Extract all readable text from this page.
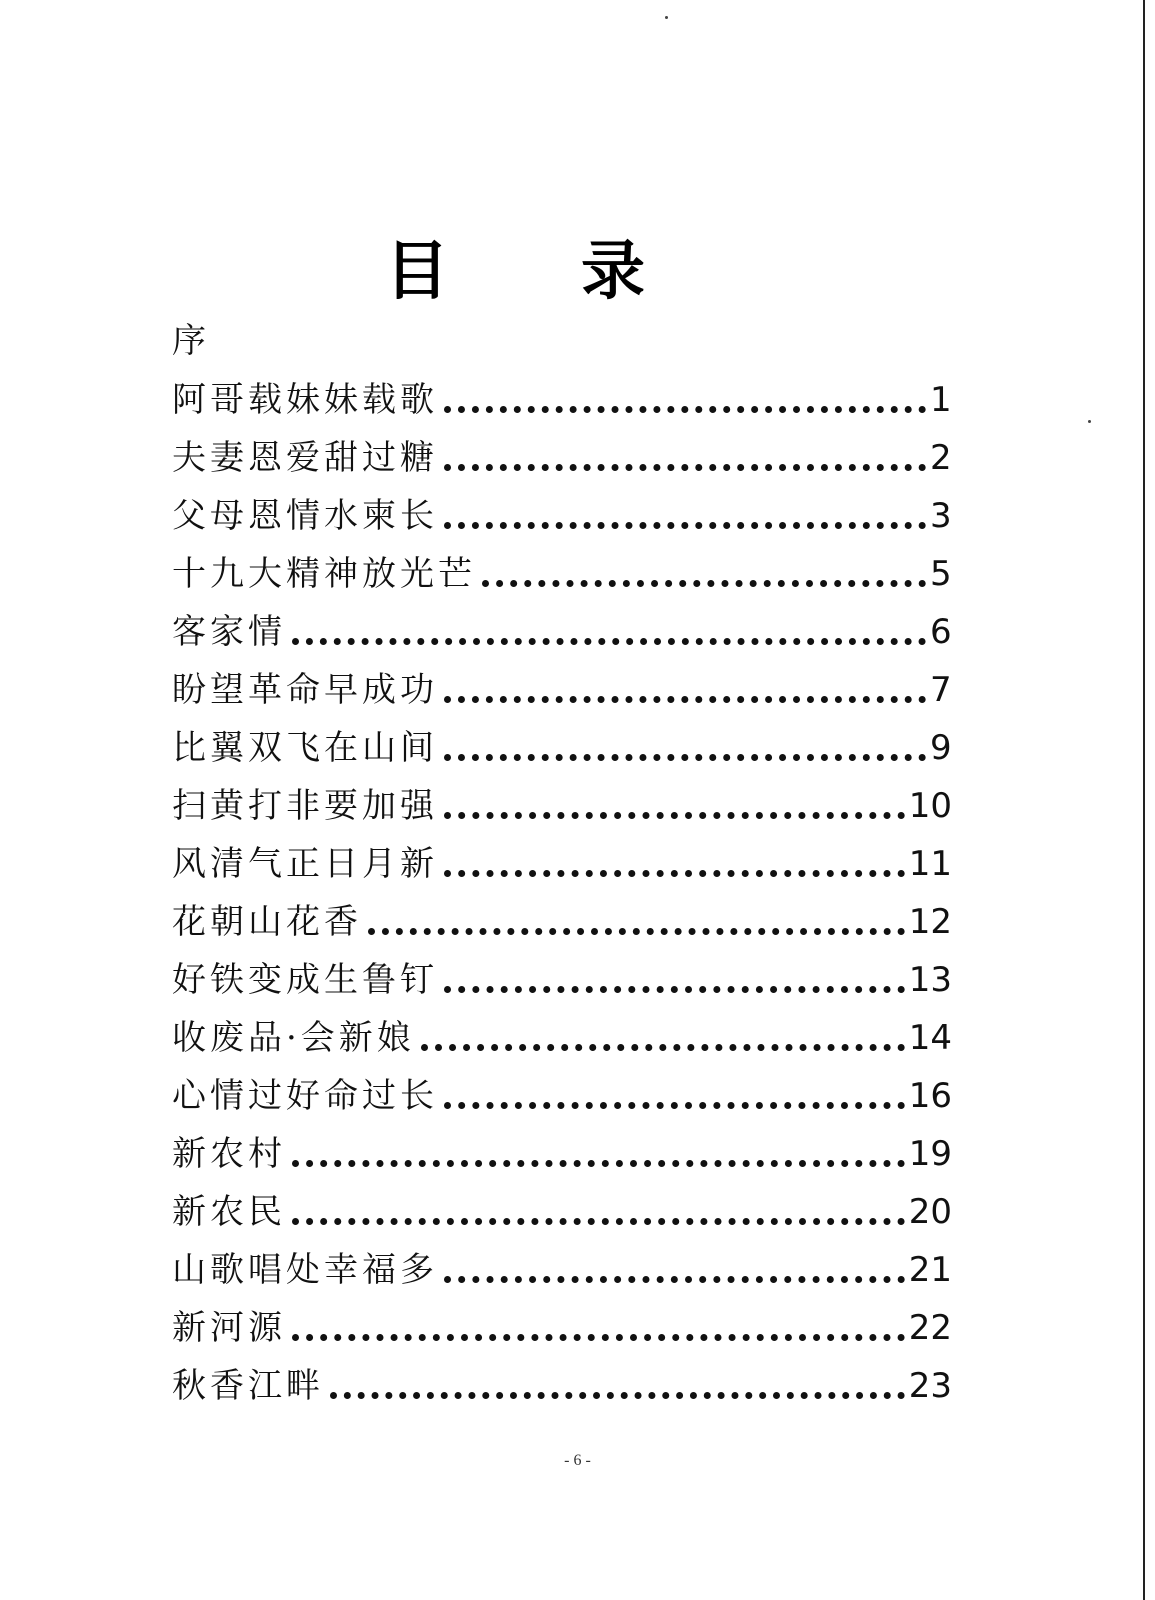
目 录
序
阿哥载妹妹载歌	1
夫妻恩爱甜过糖	2
父母恩情水柬长	3
十九大精神放光芒	5
客家情	6
盼望革命早成功	7
比翼双飞在山间	9
扫黄打非要加强	10
风清气正日月新	11
花朝山花香	12
好铁变成生鲁钉	13
收废品·会新娘	14
心情过好命过长	16
新农村	19
新农民	20
山歌唱处幸福多	21
新河源	22
秋香江畔	23
- 6 -
